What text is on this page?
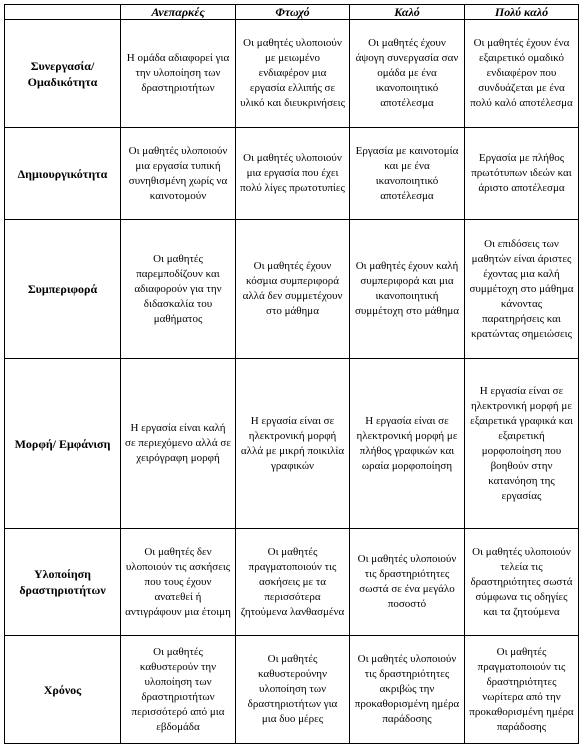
	Ανεπαρκές	Φτωχό	Καλό	Πολύ καλό
Συνεργασία/ Ομαδικότητα	Η ομάδα αδιαφορεί για την υλοποίηση των δραστηριοτήτων	Οι μαθητές υλοποιούν με μειωμένο ενδιαφέρον μια εργασία ελλιπής σε υλικό και διευκρινήσεις	Οι μαθητές έχουν άψογη συνεργασία σαν ομάδα με ένα ικανοποιητικό αποτέλεσμα	Οι μαθητές έχουν ένα εξαιρετικό ομαδικό ενδιαφέρον που συνδυάζεται με ένα πολύ καλό αποτέλεσμα
Δημιουργικότητα	Οι μαθητές υλοποιούν μια εργασία τυπική συνηθισμένη χωρίς να καινοτομούν	Οι μαθητές υλοποιούν μια εργασία που έχει πολύ λίγες πρωτοτυπίες	Εργασία με καινοτομία και με ένα ικανοποιητικό αποτέλεσμα	Εργασία με πλήθος πρωτότυπων ιδεών και άριστο αποτέλεσμα
Συμπεριφορά	Οι μαθητές παρεμποδίζουν και αδιαφορούν για την διδασκαλία του μαθήματος	Οι μαθητές έχουν κόσμια συμπεριφορά αλλά δεν συμμετέχουν στο μάθημα	Οι μαθητές έχουν καλή συμπεριφορά και μια ικανοποιητική συμμέτοχη στο μάθημα	Οι επιδόσεις των μαθητών είναι άριστες έχοντας μια καλή συμμέτοχη στο μάθημα κάνοντας παρατηρήσεις και κρατώντας σημειώσεις
Μορφή/ Εμφάνιση	Η εργασία είναι καλή σε περιεχόμενο αλλά σε χειρόγραφη μορφή	Η εργασία είναι σε ηλεκτρονική μορφή αλλά με μικρή ποικιλία γραφικών	Η εργασία είναι σε ηλεκτρονική μορφή με πλήθος γραφικών και ωραία μορφοποίηση	Η εργασία είναι σε ηλεκτρονική μορφή με εξαιρετικά γραφικά και εξαιρετική μορφοποίηση που βοηθούν στην κατανόηση της εργασίας
Υλοποίηση δραστηριοτήτων	Οι μαθητές δεν υλοποιούν τις ασκήσεις που τους έχουν ανατεθεί ή αντιγράφουν μια έτοιμη	Οι μαθητές πραγματοποιούν τις ασκήσεις με τα περισσότερα ζητούμενα λανθασμένα	Οι μαθητές υλοποιούν τις δραστηριότητες σωστά σε ένα μεγάλο ποσοστό	Οι μαθητές υλοποιούν τελεία τις δραστηριότητες σωστά σύμφωνα τις οδηγίες και τα ζητούμενα
Χρόνος	Οι μαθητές καθυστερούν την υλοποίηση των δραστηριοτήτων περισσότερό από μια εβδομάδα	Οι μαθητές καθυστερούνην υλοποίηση των δραστηριοτήτων για μια δυο μέρες	Οι μαθητές υλοποιούν τις δραστηριότητες ακριβώς την προκαθορισμένη ημέρα παράδοσης	Οι μαθητές πραγματοποιούν τις δραστηριότητες νωρίτερα από την προκαθορισμένη ημέρα παράδοσης
